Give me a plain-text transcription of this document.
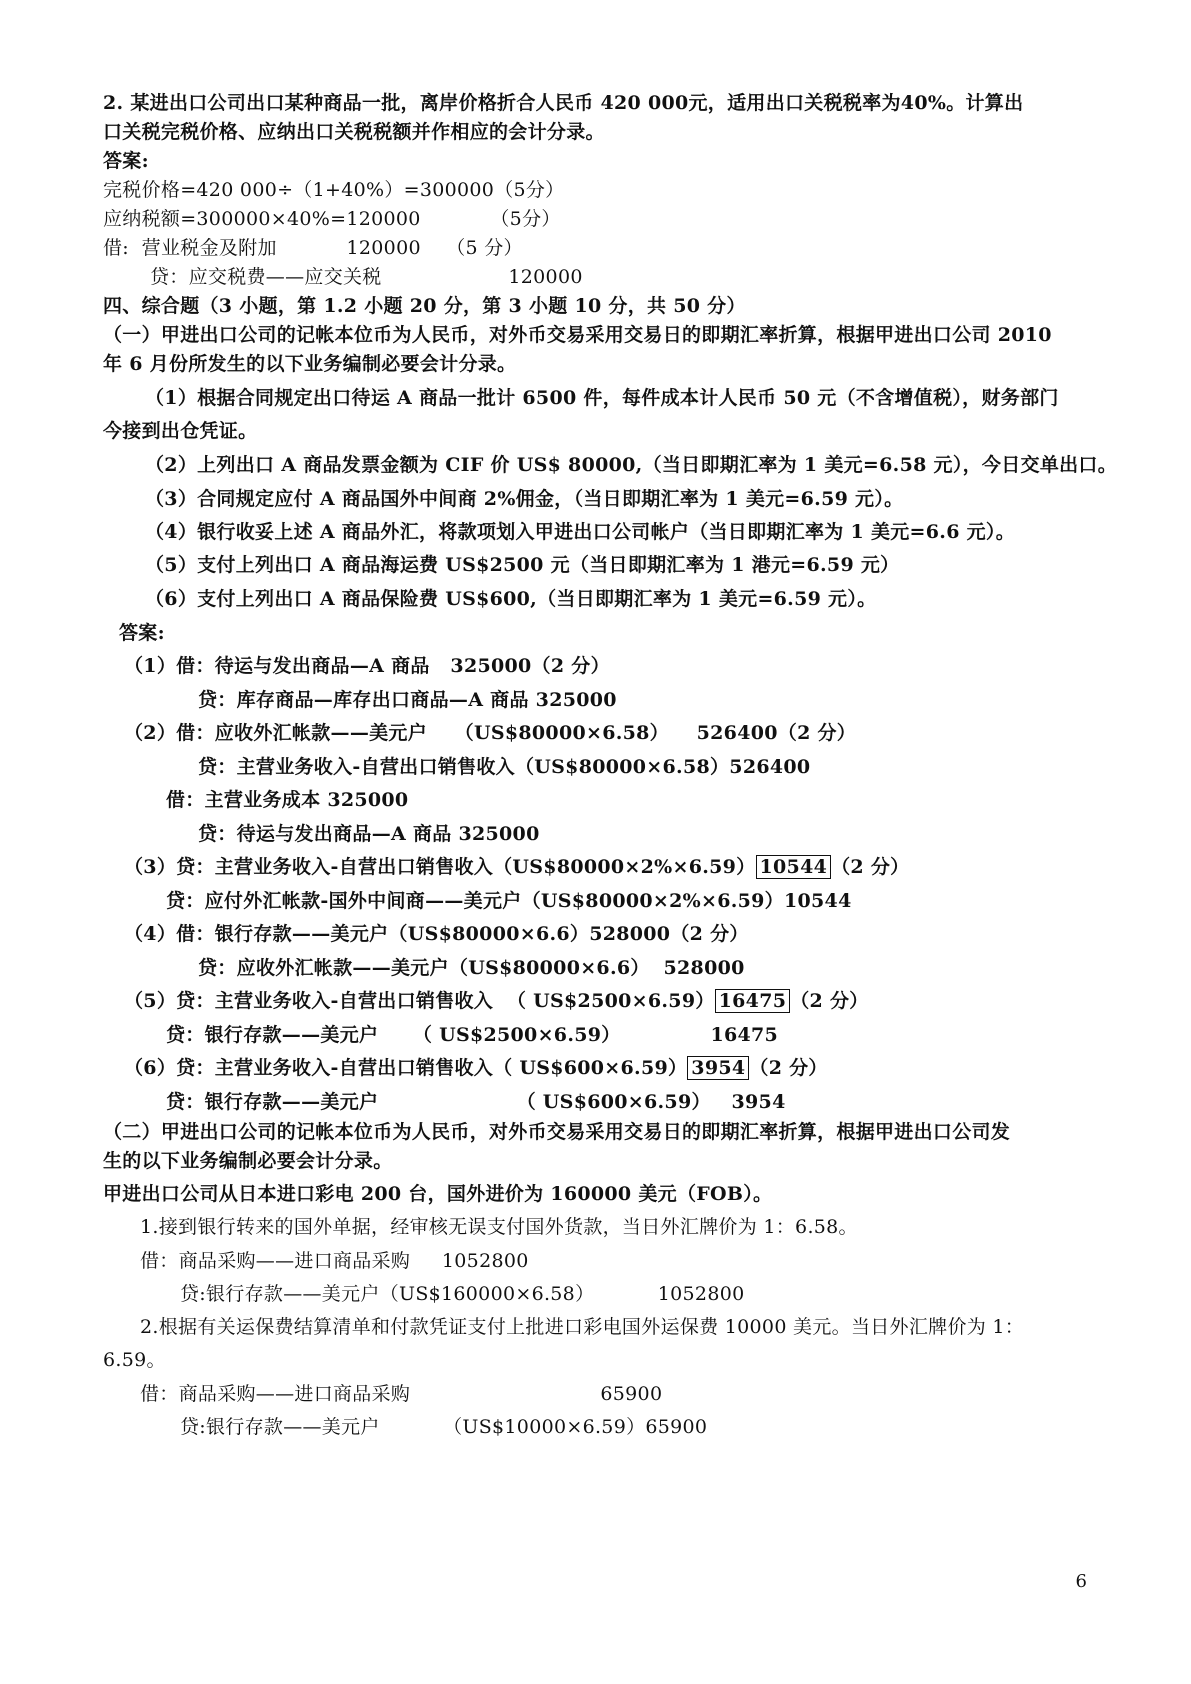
2. 某进出口公司出口某种商品一批，离岸价格折合人民币 420 000元，适用出口关税税率为40%。计算出
口关税完税价格、应纳出口关税税额并作相应的会计分录。
答案:
完税价格=420 000÷（1+40%）=300000（5分）
应纳税额=300000×40%=120000           （5分）
借:  营业税金及附加           120000    （5 分）
贷：应交税费——应交关税                    120000
四、综合题（3 小题，第 1.2 小题 20 分，第 3 小题 10 分，共 50 分）
（一）甲进出口公司的记帐本位币为人民币，对外币交易采用交易日的即期汇率折算，根据甲进出口公司 2010
年 6 月份所发生的以下业务编制必要会计分录。
（1）根据合同规定出口待运 A 商品一批计 6500 件，每件成本计人民币 50 元（不含增值税），财务部门
今接到出仓凭证。
（2）上列出口 A 商品发票金额为 CIF 价 US$ 80000,（当日即期汇率为 1 美元=6.58 元），今日交单出口。
（3）合同规定应付 A 商品国外中间商 2%佣金，（当日即期汇率为 1 美元=6.59 元）。
（4）银行收妥上述 A 商品外汇，将款项划入甲进出口公司帐户（当日即期汇率为 1 美元=6.6 元）。
（5）支付上列出口 A 商品海运费 US$2500 元（当日即期汇率为 1 港元=6.59 元）
（6）支付上列出口 A 商品保险费 US$600,（当日即期汇率为 1 美元=6.59 元）。
答案:
（1）借：待运与发出商品—A 商品   325000（2 分）
贷：库存商品—库存出口商品—A 商品 325000
（2）借：应收外汇帐款——美元户    （US$80000×6.58）    526400（2 分）
贷：主营业务收入-自营出口销售收入（US$80000×6.58）526400
借：主营业务成本 325000
贷：待运与发出商品—A 商品 325000
（3）贷：主营业务收入-自营出口销售收入（US$80000×2%×6.59） 10544 （2 分）
贷：应付外汇帐款-国外中间商——美元户（US$80000×2%×6.59）10544
（4）借：银行存款——美元户（US$80000×6.6）528000（2 分）
贷：应收外汇帐款——美元户（US$80000×6.6）  528000
（5）贷：主营业务收入-自营出口销售收入  （ US$2500×6.59） 16475 （2 分）
贷：银行存款——美元户     （ US$2500×6.59）             16475
（6）贷：主营业务收入-自营出口销售收入（ US$600×6.59） 3954 （2 分）
贷：银行存款——美元户                    （ US$600×6.59）   3954
（二）甲进出口公司的记帐本位币为人民币，对外币交易采用交易日的即期汇率折算，根据甲进出口公司发
生的以下业务编制必要会计分录。
甲进出口公司从日本进口彩电 200 台，国外进价为 160000 美元（FOB）。
1.接到银行转来的国外单据，经审核无误支付国外货款，当日外汇牌价为 1：6.58。
借：商品采购——进口商品采购     1052800
贷:银行存款——美元户（US$160000×6.58）          1052800
2.根据有关运保费结算清单和付款凭证支付上批进口彩电国外运保费 10000 美元。当日外汇牌价为 1：
6.59。
借：商品采购——进口商品采购                              65900
贷:银行存款——美元户          （US$10000×6.59）65900
6
